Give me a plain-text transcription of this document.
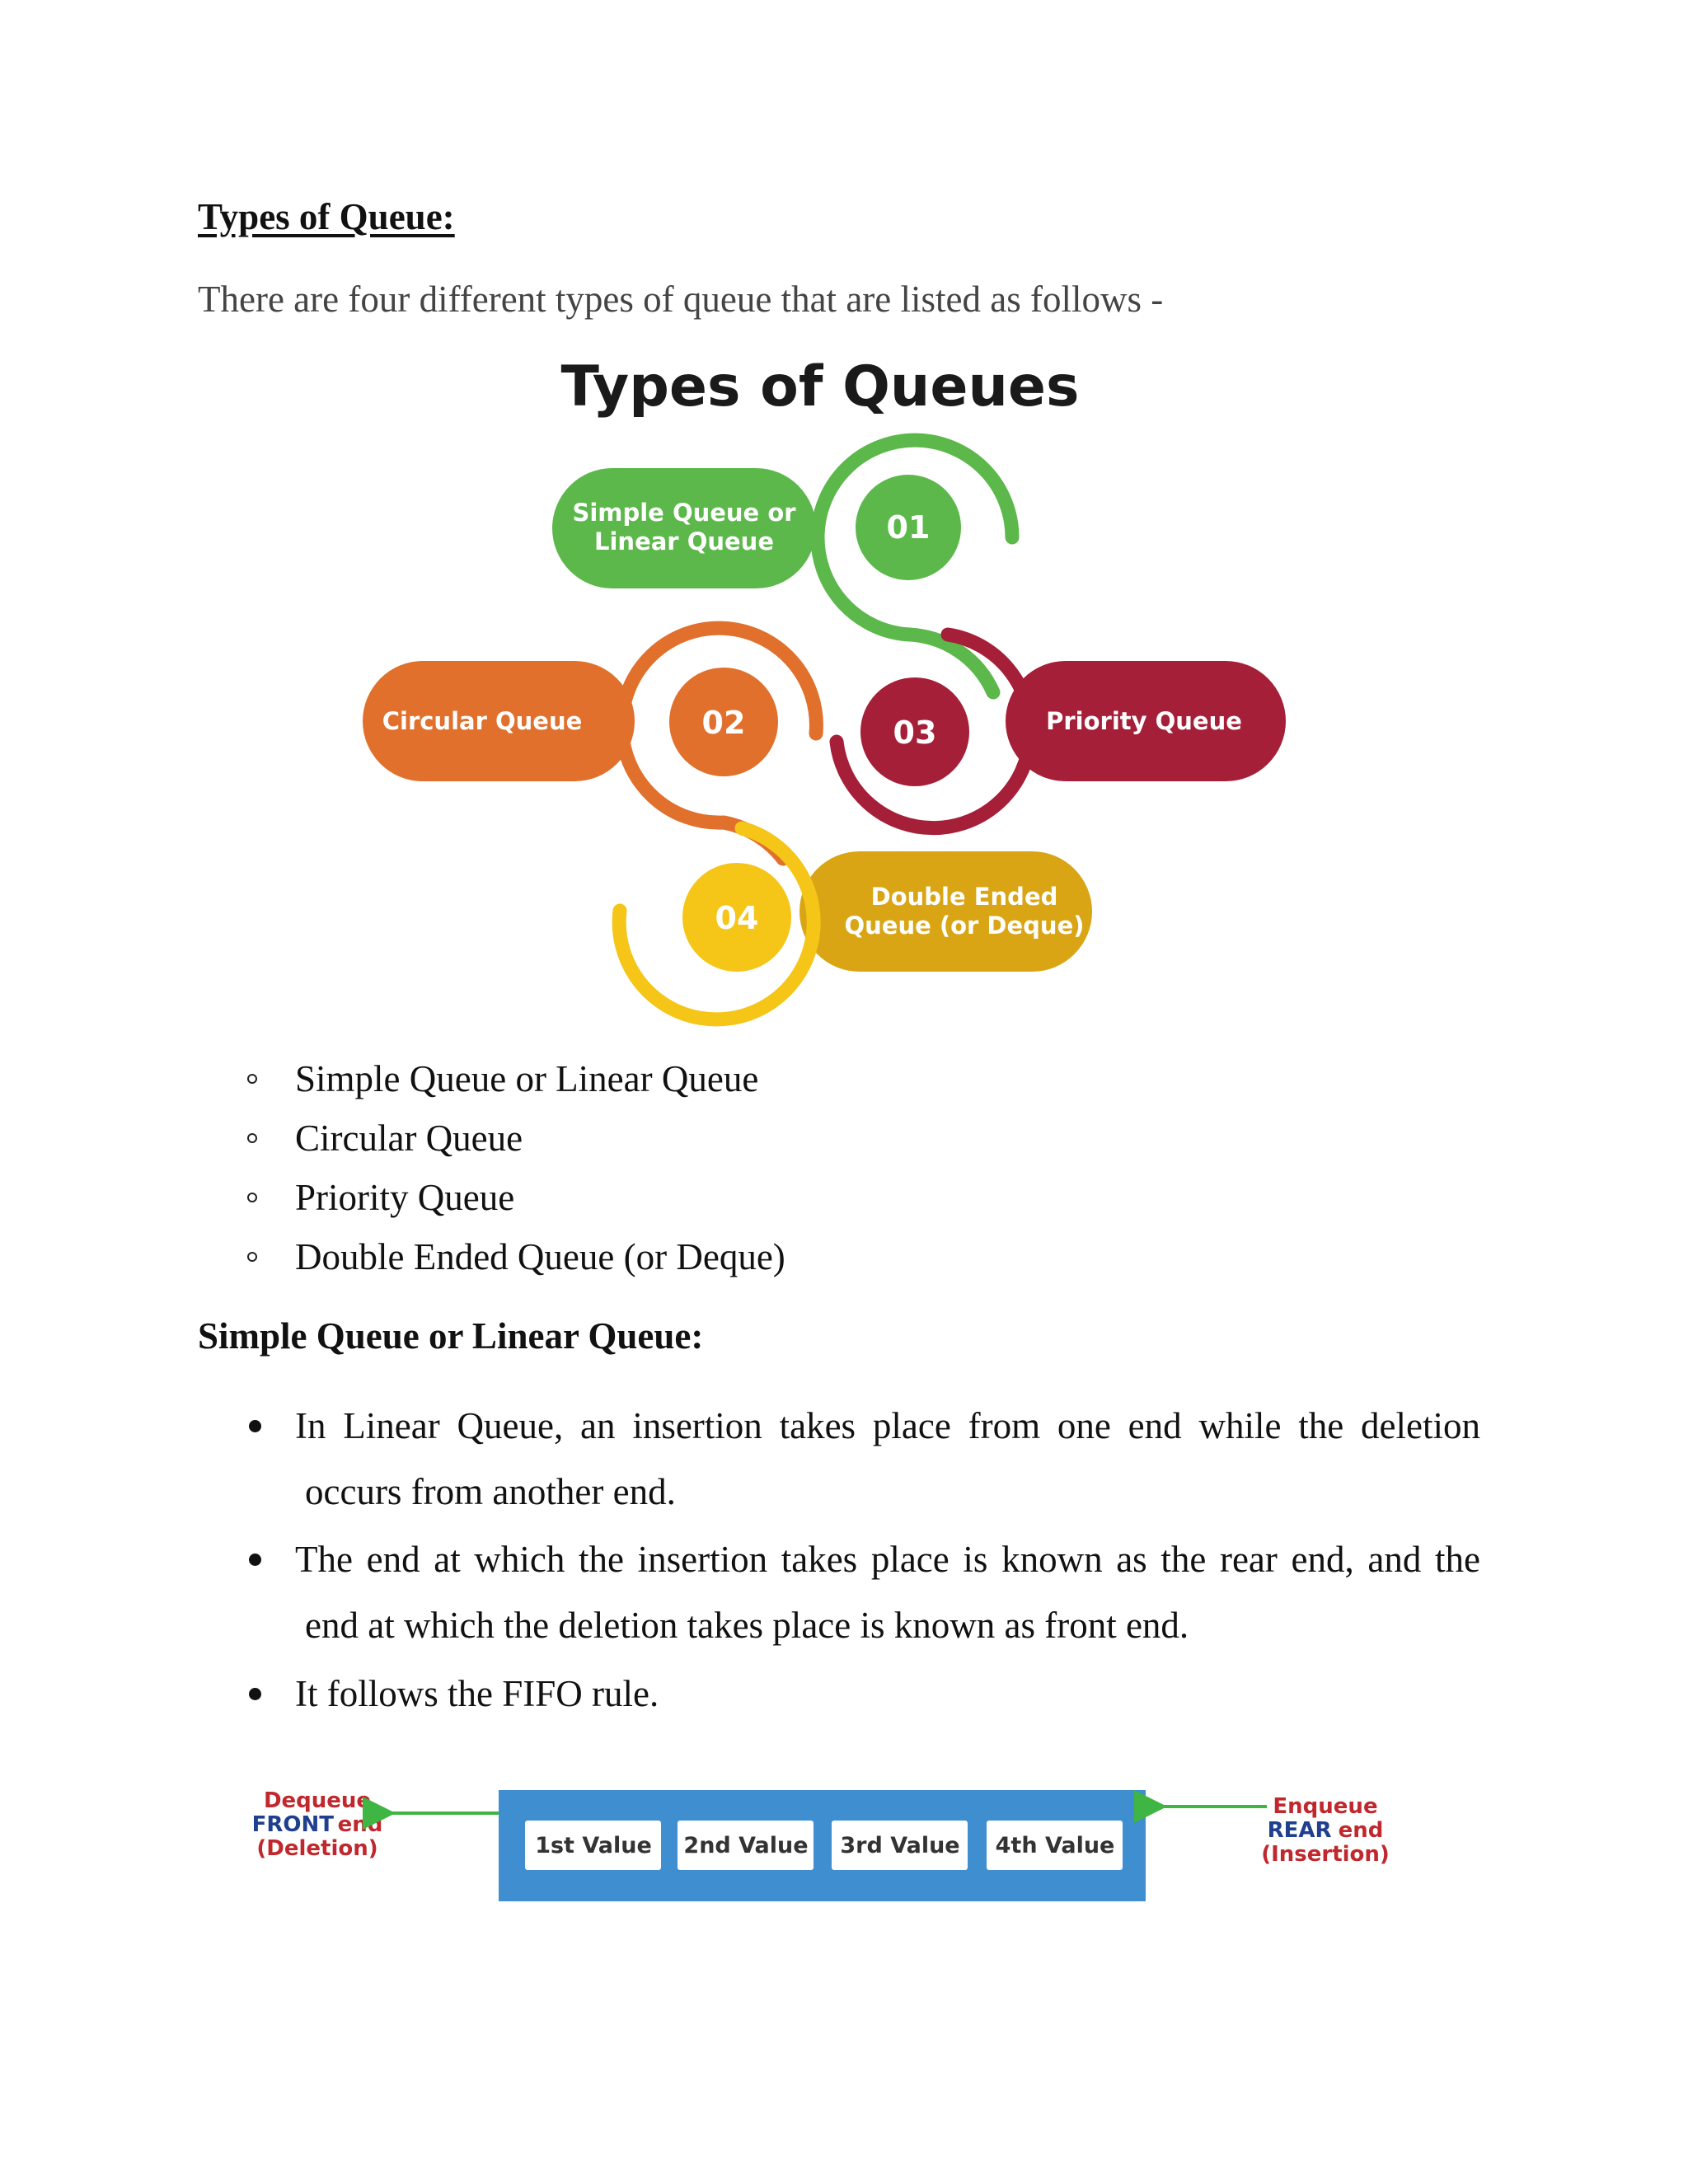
Types of Queue:
There are four different types of queue that are listed as follows -
Types of Queues
01
Simple Queue or
Linear Queue
02
Circular Queue	03	Priority Queue
04
Double Ended
Queue (or Deque)
Simple Queue or Linear Queue
Circular Queue
Priority Queue
Double Ended Queue (or Deque)
Simple Queue or Linear Queue:
In Linear Queue, an insertion takes place from one end while the deletion
occurs from another end.
The end at which the insertion takes place is known as the rear end, and the
end at which the deletion takes place is known as front end.
It follows the FIFO rule.
Dequeue
FRONT end
(Deletion)	1st Value 2nd Value 3rd Value 4th Value
Enqueue
REAR end
(Insertion)
